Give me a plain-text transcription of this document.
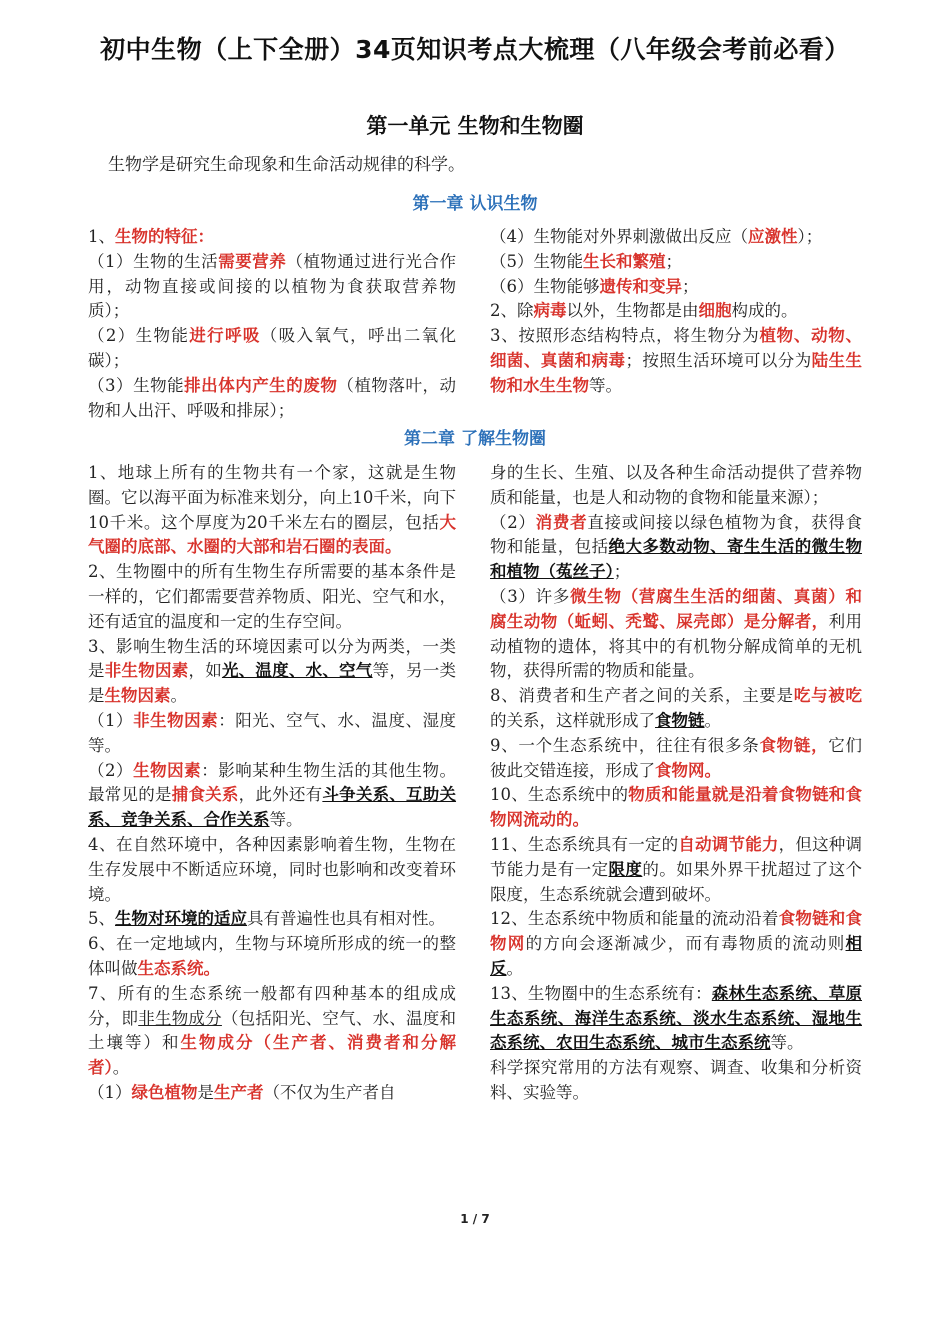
初中生物（上下全册）34页知识考点大梳理（八年级会考前必看）
第一单元 生物和生物圈
生物学是研究生命现象和生命活动规律的科学。
第一章 认识生物

1、生物的特征：

（1）生物的生活需要营养（植物通过进行光合作用，动物直接或间接的以植物为食获取营养物质）；

（2）生物能进行呼吸（吸入氧气，呼出二氧化碳）；

（3）生物能排出体内产生的废物（植物落叶，动物和人出汗、呼吸和排尿）；

（4）生物能对外界刺激做出反应（应激性）；

（5）生物能生长和繁殖；

（6）生物能够遗传和变异；

2、除病毒以外，生物都是由细胞构成的。

3、按照形态结构特点，将生物分为植物、动物、细菌、真菌和病毒；按照生活环境可以分为陆生生物和水生生物等。

第二章 了解生物圈

1、地球上所有的生物共有一个家，这就是生物圈。它以海平面为标准来划分，向上10千米，向下10千米。这个厚度为20千米左右的圈层，包括大气圈的底部、水圈的大部和岩石圈的表面。

2、生物圈中的所有生物生存所需要的基本条件是一样的，它们都需要营养物质、阳光、空气和水，还有适宜的温度和一定的生存空间。

3、影响生物生活的环境因素可以分为两类，一类是非生物因素，如光、温度、水、空气等，另一类是生物因素。

（1）非生物因素：阳光、空气、水、温度、湿度等。

（2）生物因素：影响某种生物生活的其他生物。最常见的是捕食关系，此外还有斗争关系、互助关系、竞争关系、合作关系等。

4、在自然环境中，各种因素影响着生物，生物在生存发展中不断适应环境，同时也影响和改变着环境。

5、生物对环境的适应具有普遍性也具有相对性。

6、在一定地域内，生物与环境所形成的统一的整体叫做生态系统。

7、所有的生态系统一般都有四种基本的组成成分，即非生物成分（包括阳光、空气、水、温度和土壤等）和生物成分（生产者、消费者和分解者）。

（1）绿色植物是生产者（不仅为生产者自

身的生长、生殖、以及各种生命活动提供了营养物质和能量，也是人和动物的食物和能量来源）；

（2）消费者直接或间接以绿色植物为食，获得食物和能量，包括绝大多数动物、寄生生活的微生物和植物（菟丝子）；

（3）许多微生物（营腐生生活的细菌、真菌）和腐生动物（蚯蚓、秃鹫、屎壳郎）是分解者，利用动植物的遗体，将其中的有机物分解成简单的无机物，获得所需的物质和能量。

8、消费者和生产者之间的关系，主要是吃与被吃的关系，这样就形成了食物链。

9、一个生态系统中，往往有很多条食物链，它们彼此交错连接，形成了食物网。

10、生态系统中的物质和能量就是沿着食物链和食物网流动的。

11、生态系统具有一定的自动调节能力，但这种调节能力是有一定限度的。如果外界干扰超过了这个限度，生态系统就会遭到破坏。

12、生态系统中物质和能量的流动沿着食物链和食物网的方向会逐渐减少，而有毒物质的流动则相反。

13、生物圈中的生态系统有：森林生态系统、草原生态系统、海洋生态系统、淡水生态系统、湿地生态系统、农田生态系统、城市生态系统等。

科学探究常用的方法有观察、调查、收集和分析资料、实验等。

1 / 7
